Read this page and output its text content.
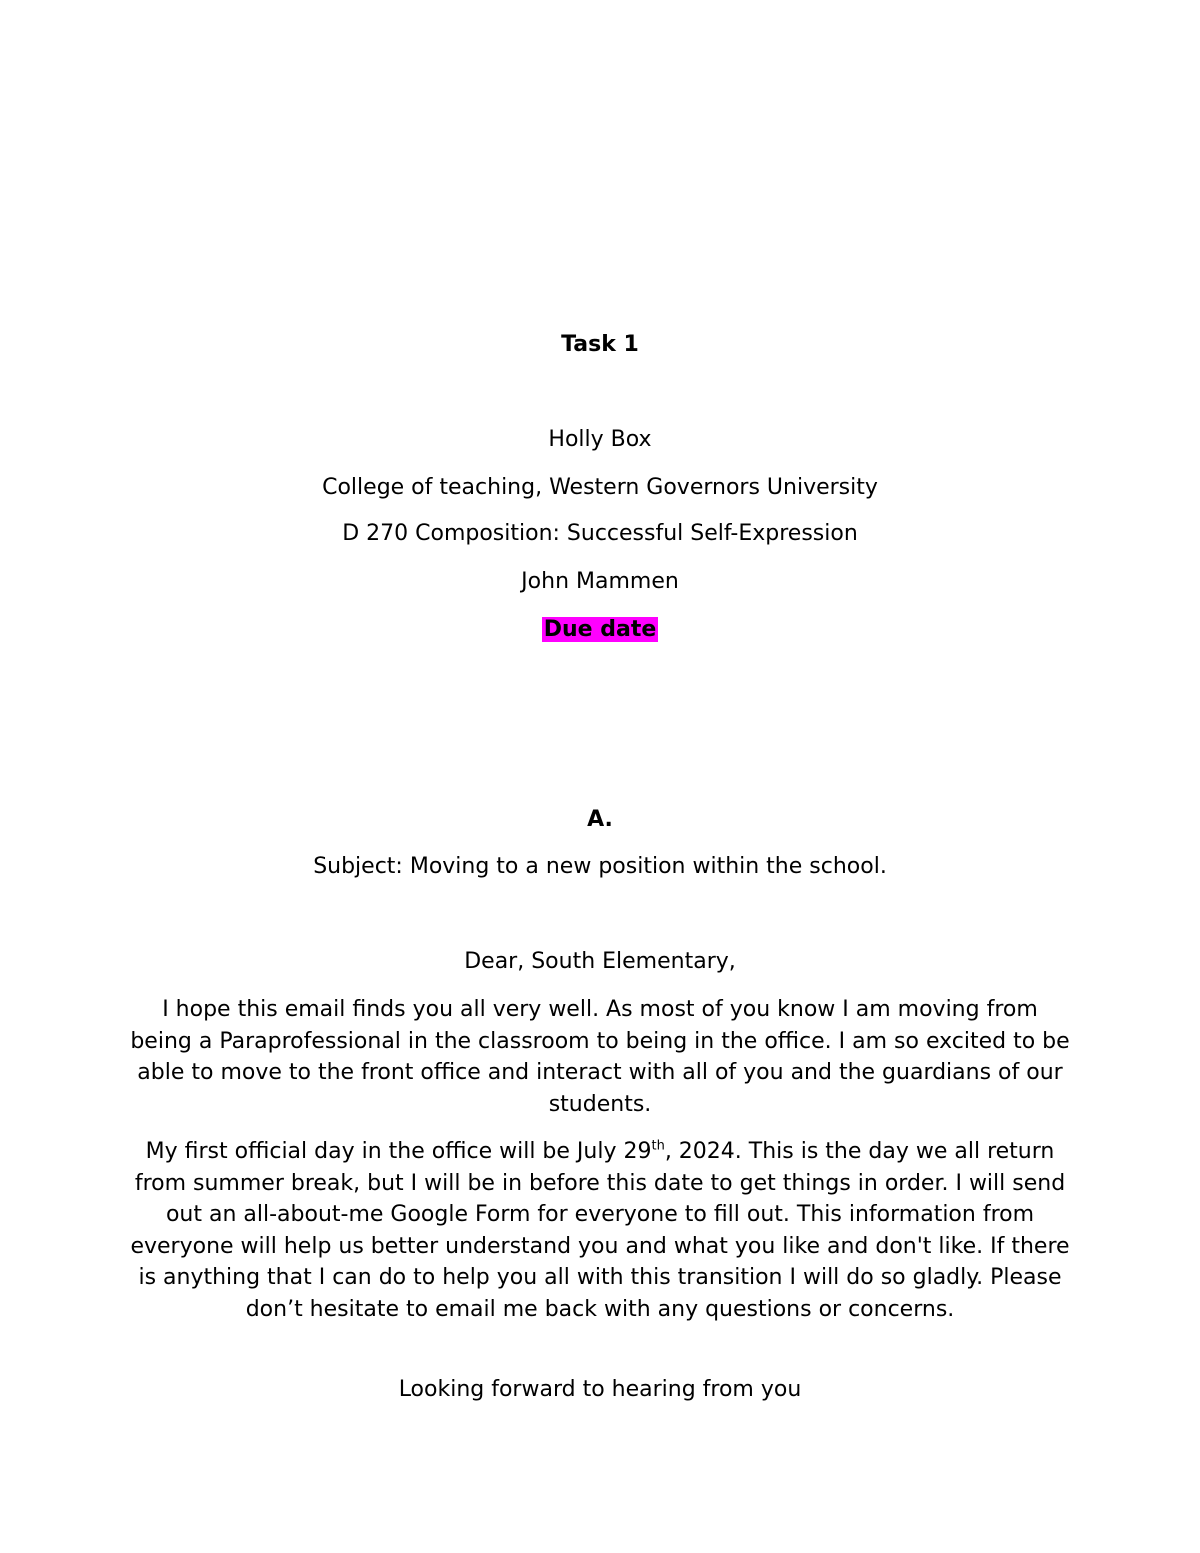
Task 1
Holly Box
College of teaching, Western Governors University
D 270 Composition: Successful Self-Expression
John Mammen
Due date
A.
Subject: Moving to a new position within the school.
Dear, South Elementary,
I hope this email finds you all very well. As most of you know I am moving from being a Paraprofessional in the classroom to being in the office. I am so excited to be able to move to the front office and interact with all of you and the guardians of our students.
My first official day in the office will be July 29th, 2024. This is the day we all return from summer break, but I will be in before this date to get things in order. I will send out an all-about-me Google Form for everyone to fill out. This information from everyone will help us better understand you and what you like and don't like. If there is anything that I can do to help you all with this transition I will do so gladly. Please don’t hesitate to email me back with any questions or concerns.
Looking forward to hearing from you
